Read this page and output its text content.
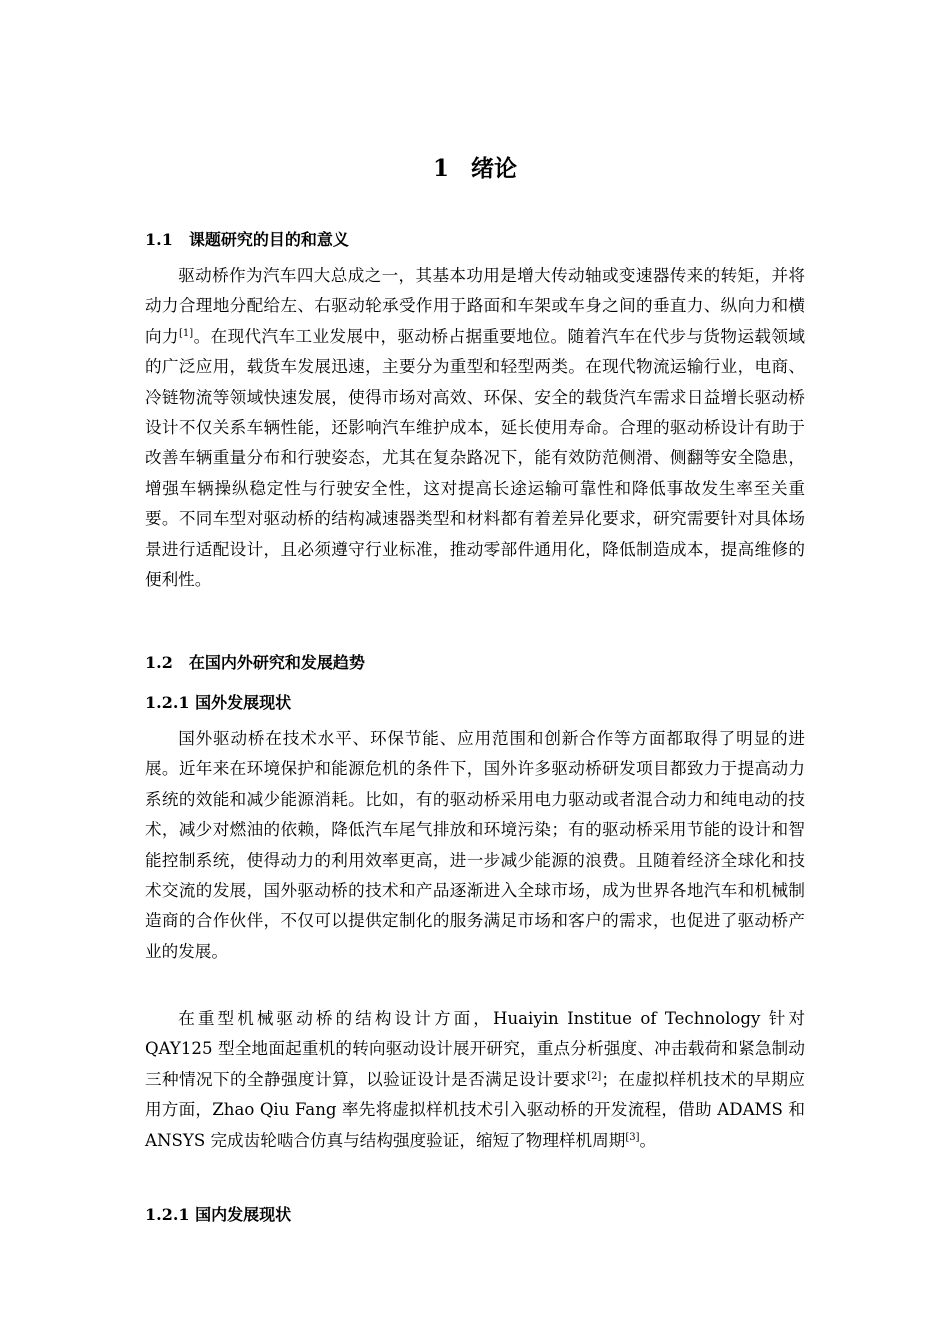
1 绪论
1.1 课题研究的目的和意义

驱动桥作为汽车四大总成之一，其基本功用是增大传动轴或变速器传来的转矩，并将动力合理地分配给左、右驱动轮承受作用于路面和车架或车身之间的垂直力、纵向力和横向力[1]。在现代汽车工业发展中，驱动桥占据重要地位。随着汽车在代步与货物运载领域的广泛应用，载货车发展迅速，主要分为重型和轻型两类。在现代物流运输行业，电商、冷链物流等领域快速发展，使得市场对高效、环保、安全的载货汽车需求日益增长驱动桥设计不仅关系车辆性能，还影响汽车维护成本，延长使用寿命。合理的驱动桥设计有助于改善车辆重量分布和行驶姿态，尤其在复杂路况下，能有效防范侧滑、侧翻等安全隐患，增强车辆操纵稳定性与行驶安全性，这对提高长途运输可靠性和降低事故发生率至关重要。不同车型对驱动桥的结构减速器类型和材料都有着差异化要求，研究需要针对具体场景进行适配设计，且必须遵守行业标准，推动零部件通用化，降低制造成本，提高维修的便利性。

1.2 在国内外研究和发展趋势
1.2.1 国外发展现状

国外驱动桥在技术水平、环保节能、应用范围和创新合作等方面都取得了明显的进展。近年来在环境保护和能源危机的条件下，国外许多驱动桥研发项目都致力于提高动力系统的效能和减少能源消耗。比如，有的驱动桥采用电力驱动或者混合动力和纯电动的技术，减少对燃油的依赖，降低汽车尾气排放和环境污染；有的驱动桥采用节能的设计和智能控制系统，使得动力的利用效率更高，进一步减少能源的浪费。且随着经济全球化和技术交流的发展，国外驱动桥的技术和产品逐渐进入全球市场，成为世界各地汽车和机械制造商的合作伙伴，不仅可以提供定制化的服务满足市场和客户的需求，也促进了驱动桥产业的发展。

在重型机械驱动桥的结构设计方面，Huaiyin Institue of Technology 针对 QAY125 型全地面起重机的转向驱动设计展开研究，重点分析强度、冲击载荷和紧急制动三种情况下的全静强度计算，以验证设计是否满足设计要求[2]；在虚拟样机技术的早期应用方面，Zhao Qiu Fang 率先将虚拟样机技术引入驱动桥的开发流程，借助 ADAMS 和 ANSYS 完成齿轮啮合仿真与结构强度验证，缩短了物理样机周期[3]。

1.2.1 国内发展现状
